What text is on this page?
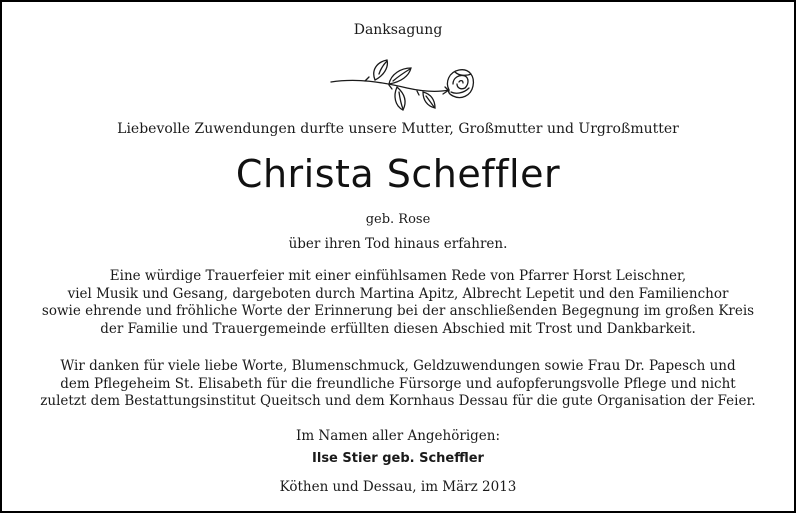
Danksagung
Liebevolle Zuwendungen durfte unsere Mutter, Großmutter und Urgroßmutter
Christa Scheffler
geb. Rose
über ihren Tod hinaus erfahren.
Eine würdige Trauerfeier mit einer einfühlsamen Rede von Pfarrer Horst Leischner,
viel Musik und Gesang, dargeboten durch Martina Apitz, Albrecht Lepetit und den Familienchor
sowie ehrende und fröhliche Worte der Erinnerung bei der anschließenden Begegnung im großen Kreis
der Familie und Trauergemeinde erfüllten diesen Abschied mit Trost und Dankbarkeit.
Wir danken für viele liebe Worte, Blumenschmuck, Geldzuwendungen sowie Frau Dr. Papesch und
dem Pflegeheim St. Elisabeth für die freundliche Fürsorge und aufopferungsvolle Pflege und nicht
zuletzt dem Bestattungsinstitut Queitsch und dem Kornhaus Dessau für die gute Organisation der Feier.
Im Namen aller Angehörigen:
Ilse Stier geb. Scheffler
Köthen und Dessau, im März 2013
